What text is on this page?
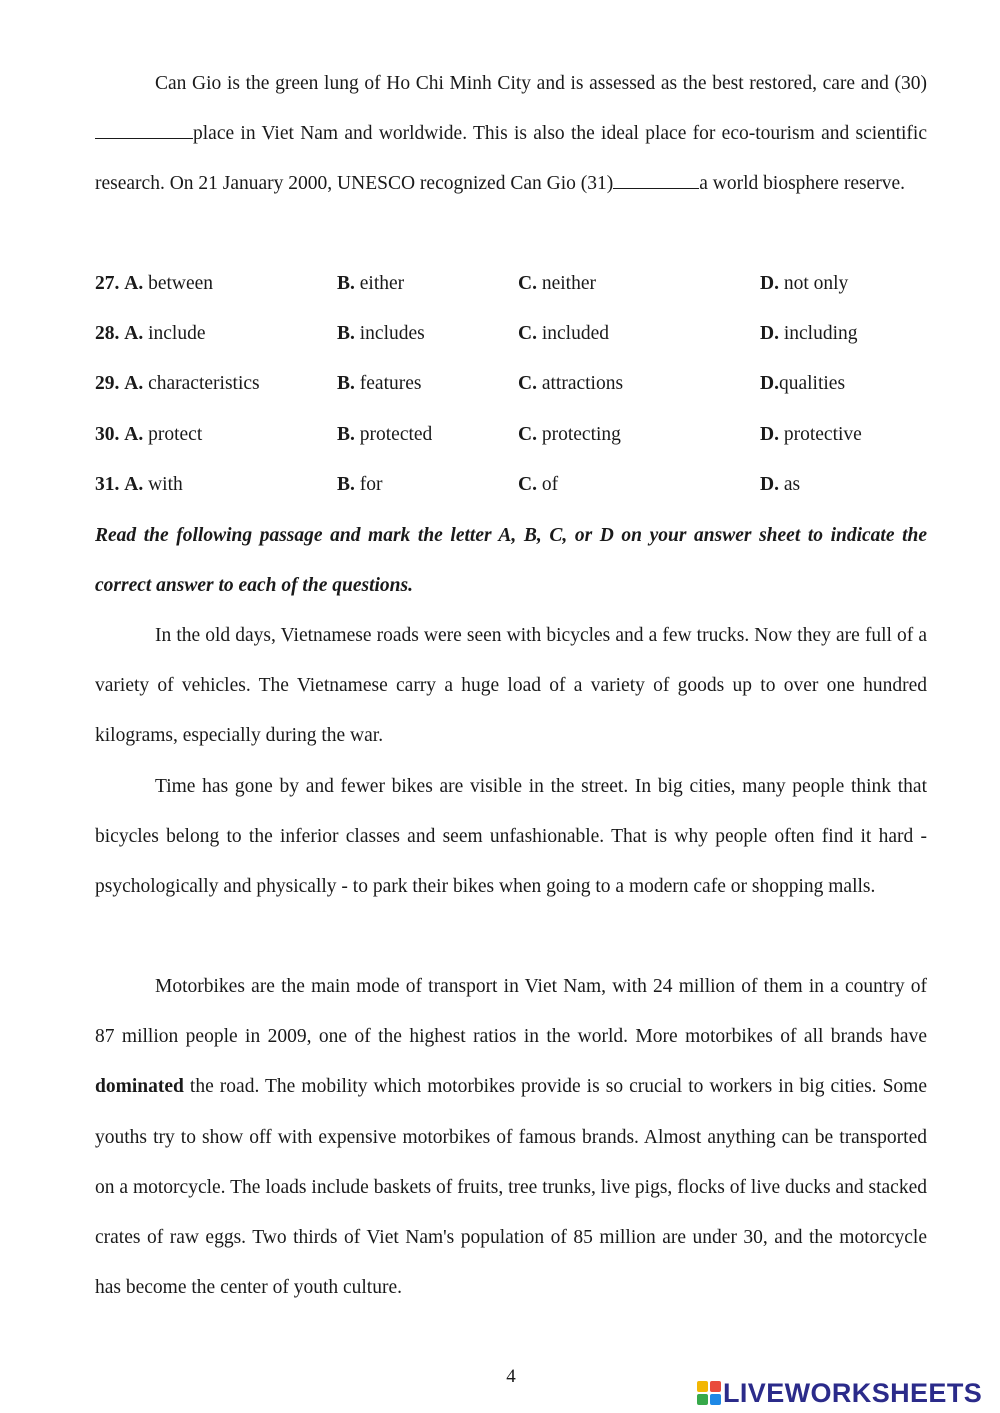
Can Gio is the green lung of Ho Chi Minh City and is assessed as the best restored, care and (30)place in Viet Nam and worldwide. This is also the ideal place for eco-tourism and scientific research. On 21 January 2000, UNESCO recognized Can Gio (31)	a world biosphere reserve.

27. A. between	B. either	C. neither	D. not only
28. A. include	B. includes	C. included	D. including
29. A. characteristics	B. features	C. attractions	D.qualities
30. A. protect	B. protected	C. protecting	D. protective
31. A. with	B. for	C. of	D. as

Read the following passage and mark the letter A, B, C, or D on your answer sheet to indicate the correct answer to each of the questions.

In the old days, Vietnamese roads were seen with bicycles and a few trucks. Now they are full of a variety of vehicles. The Vietnamese carry a huge load of a variety of goods up to over one hundred kilograms, especially during the war.

Time has gone by and fewer bikes are visible in the street. In big cities, many people think that bicycles belong to the inferior classes and seem unfashionable. That is why people often find it hard - psychologically and physically - to park their bikes when going to a modern cafe or shopping malls.

Motorbikes are the main mode of transport in Viet Nam, with 24 million of them in a country of 87 million people in 2009, one of the highest ratios in the world. More motorbikes of all brands have dominated the road. The mobility which motorbikes provide is so crucial to workers in big cities. Some youths try to show off with expensive motorbikes of famous brands. Almost anything can be transported on a motorcycle. The loads include baskets of fruits, tree trunks, live pigs, flocks of live ducks and stacked crates of raw eggs. Two thirds of Viet Nam's population of 85 million are under 30, and the motorcycle has become the center of youth culture.

4
LIVEWORKSHEETS
